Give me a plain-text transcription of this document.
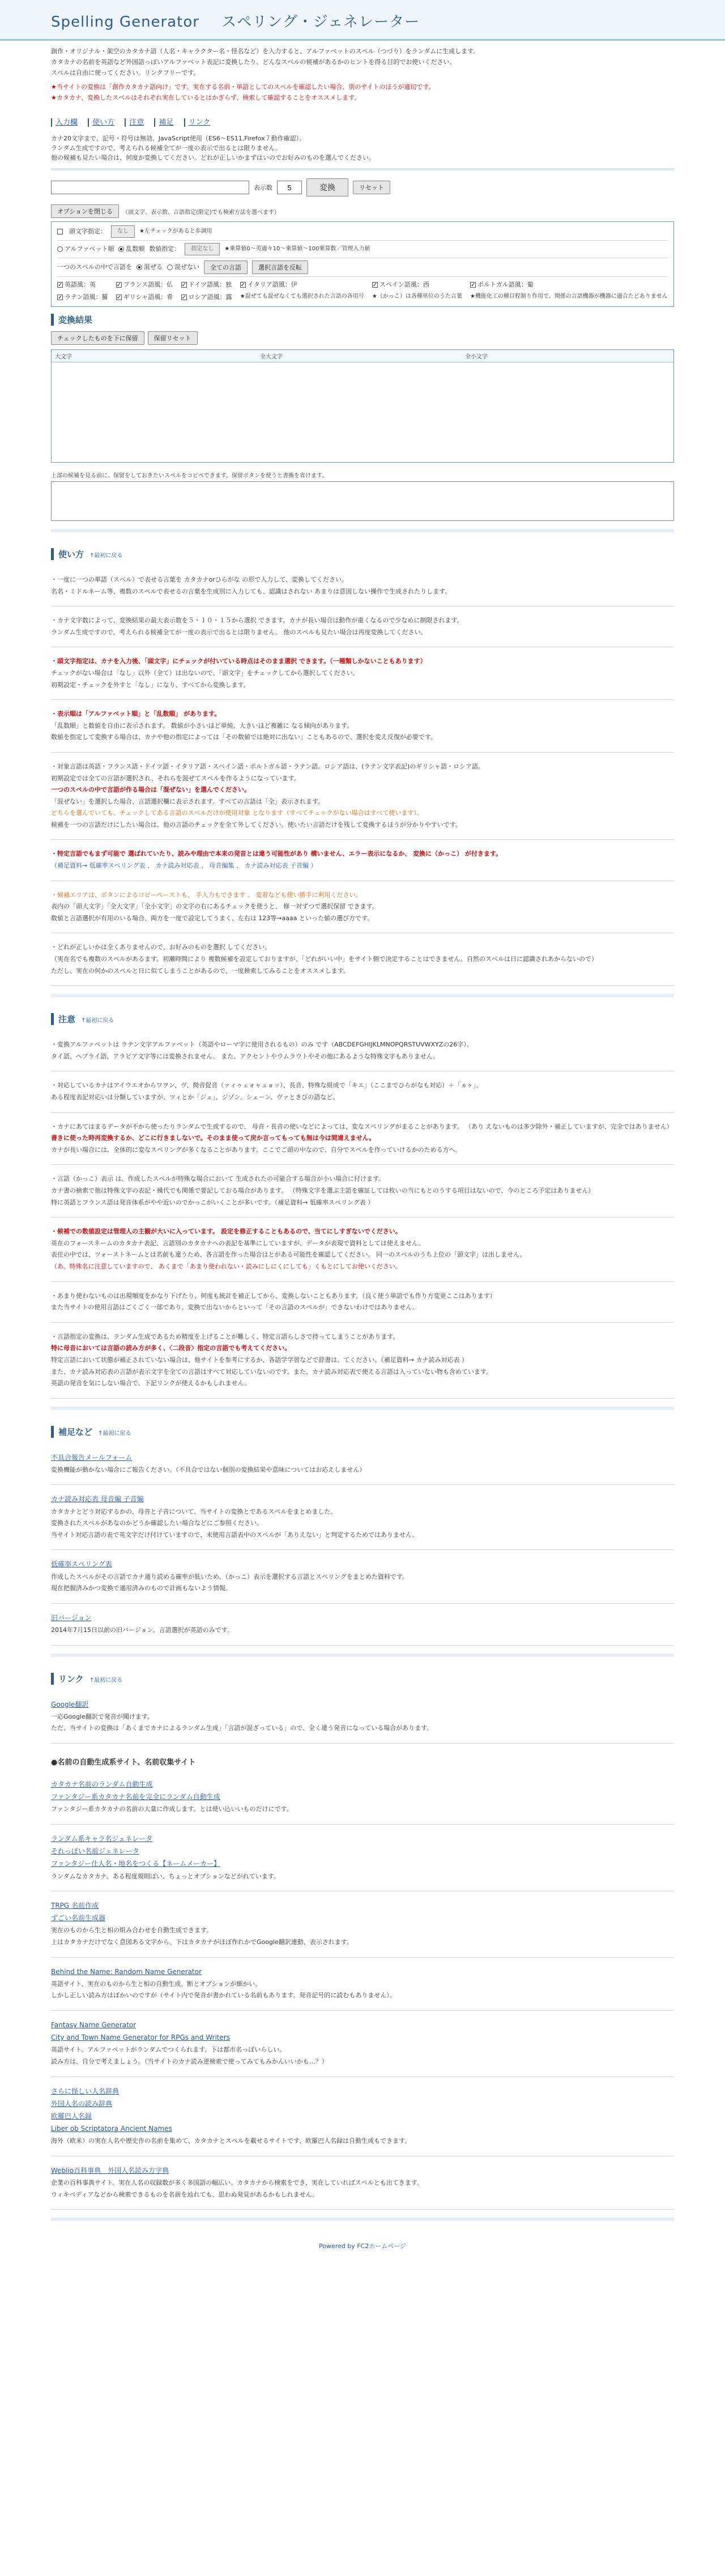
Spelling Generator スペリング・ジェネレーター

創作・オリジナル・架空のカタカナ語（人名・キャラクター名・怪名など）を入力すると、アルファベットのスペル（つづり）をランダムに生成します。

カタカナの名前を英語など外国語っぽいアルファベット表記に変換したり、どんなスペルの候補があるかのヒントを得る目的でお使いください。

スペルは自由に使ってください。リンクフリーです。

★当サイトの変換は「創作カタカナ語向け」です。実在する名前・単語としてのスペルを確認したい場合、別のサイトのほうが適切です。

★カタカナ、変換したスペルはそれぞれ実在しているとはかぎらず、検索して確認することをオススメします。

入力欄 使い方 注意 補足 リンク

カナ20文字まで、記号・符号は無効、JavaScript使用（ES6〜ES11,Firefox７動作確認）。

ランダム生成ですので、考えられる候補全てが一度の表示で出るとは限りません。

他の候補も見たい場合は、何度か変換してください。どれが正しいかまずはいのでお好みのものを選んでください。

表示数
5	変換	リセット
オプションを閉じる	（頭文字、表示数、言語指定(限定)でも検索方法を選べます）
頭文字指定：	なし	★左チェックがあると歩調用
アルファベット順	乱数順 数値指定：	指定なし	★乗算値0〜英適々10〜乗算値〜100乗算数／管理入力値
一つのスペルの中で言語を	混ぜる	混ぜない	全ての言語	選択言語を反転
✓英語風：英 ✓	フランス語風：仏 ✓	ドイツ語風：独 ✓	イタリア語風：伊 ✓	スペイン語風：西 ✓	ポルトガル語風：葡
✓ラテン語風：羅 ✓	ギリシャ語風：希 ✓	ロシア語風：露 ★混ぜても混ぜなくても選択された言語の各用号 ★（かっこ）は各種単位のうた言葉 ★機能化工の種目程制り作用で、関係の言語機器が機器に適合たどありません
変換結果
チェックしたものを下に保留	保留リセット
大文字	全大文字	全小文字

上部の候補を見る前に、保留をしておきたいスペルをコピペできます。保留ボタンを使うと書換を省けます。

使い方 ↑最初に戻る

・ 一度に一つの単語（スペル）で表せる言葉を カタカナorひらがな の形で入力して、変換してください。

名名・ミドルネーム等、複数のスペルで表せるの言葉を生成別に入力しても、認識はされない あまりは意図しない操作で生成されたりします。

・ カナ文字数によって、変換結果の最大表示数を５・１０・１５から選択 できます。カナが長い場合は動作が重くなるので少なめに制限されます。

ランダム生成ですので、考えられる候補全てが一度の表示で出るとは限りません。 他のスペルも見たい場合は再度変換してください。

・ 頭文字指定は、カナを入力後、「頭文字」にチェックが付いている時点はそのまま選択 できます。（一種類しかないこともあります）

チェックがない場合は「なし」以外（全て）は出ないので、「頭文字」をチェックしてから選択してください。

初期設定・チェックを外すと「なし」になり、すべてから変換します。

・ 表示順は「アルファベット順」と「乱数順」 があります。

「乱数順」と数値を自由に表示されます。 数値が小さいほど単純、大きいほど複雑に なる傾向があります。

数値を指定して変換する場合は、カナや他の指定によっては「その数値では絶対に出ない」こともあるので、選択を変え反復が必要です。

・ 対象言語は英語・フランス語・ドイツ語・イタリア語・スペイン語・ポルトガル語・ラテン語。ロシア語は、(ラテン文字表記)のギリシャ語・ロシア語。

初期設定では全ての言語が選択され、それらを混ぜてスペルを作るようになっています。

一つのスペルの中で言語が作る場合は「混ぜない」を選んでください。

「混ぜない」を選択した場合、言語選択欄に表示されます。すべての言語は「全」表示されます。

どちらを選んでいても、チェックしてある言語のスペルだけが使用対象 となります（すべてチェックがない場合はすべて使います）。

候補を一つの言語だけにしたい場合は、他の言語のチェックを全て外してください。使いたい言語だけを残して変換するほうが分かりやすいです。

・ 特定言語でもまず可能で 選ばれていたり、読みや理由で本来の発音とは違う可能性があり 構いません、エラー表示になるか、 変換に（かっこ） が付きます。

（補足資料→ 低確率スペリング表 、 カナ読み対応表 、 母音編集 、 カナ読み対応表 子音編 ）

・ 候補エリアは、ボタンによるコピーペーストも、 手入力もできます 。 変着なども使い勝手に利用ください。

表内の「頭大文字」「全大文字」「全小文字」の文字の右にあるチェックを使うと、 修一対ずつで選択保留 できます。

数値と言語選択が有用のいる場合、両方を一度で設定してうまく、左右は 123等→aaaa といった値の選び方です。

・ どれが正しいかは全くありませんので、お好みのものを選択 してください。

（実在名でも複数のスペルがあるます。初瀬時間により 複数候補を設定しておりますが、「どれがいい中」をサイト側で決定することはできません。自然のスペルは日に認識されあからないので）

ただし、実在の何かのスペルと日に似てしまうことがあるので、一度検索してみることをオススメします。

注意 ↑最初に戻る

・ 変換アルファベットは ラテン文字アルファベット（英語やローマ字に使用されるもの）のみ です（ABCDEFGHIJKLMNOPQRSTUVWXYZの26字）。

タイ語、ヘブライ語、アラビア文字等には変換されません。 また、アクセントやウムラウトやその他にあるような特殊文字もありません。

・ 対応しているカナはアイウエオからワヲン、ヴ、拗音促音（ァィゥェォャュョッ）、長音、特殊な組成で「キエ」（ここまでひらがなも対応）＋「ヵヶ」。

ある程度表記対応いは分類していますが、ツィとか「ジェ」、ジゾン、シェーン、ヴァときびの語など。

・ カナにあてはまるデータが不から使ったりランダムで生成するので、 母音・長音の使いなどによっては、変なスペリングがまることがあります。 （あり えないものは多少除外・補正していますが、完全ではありません）

書きに使った時再変換するか、どこに行きましないで。そのまま使って戻か言ってもっても無は今は間違えません。

カナが長い場合には、全体的に変なスペリングが多くなることがあります。ここでご頭の中なので、自分でスペルを作っていけるかのためる方へ。

・ 言語（かっこ）表示 は、作成したスペルが特殊な場合において 生成されたの可能合する場合が小い場合に付けます。

カナ書の検索で他は特殊文字の表記・繰代でも関係で要記しておる場合があります。 （特殊文字を選ぶ主語を確証しては枚いの当にもとのうする項目はないので、今のところ予定はありません）

特に英語とフランス語は発音体系がやや近いのでかっこがいくことが多いです。（補足資料→ 低確率スペリング表 ）

・ 候補での数値設定は管理人の主観が大いに入っています。 設定を修正することもあるので、当てにしすぎないでください。

英在のフォースネームのカタカナ表記、言語別のカタカナへの表記を基準にしていますが、データが表現で資料としては使えません。

表住の中では、ツォーストネームとは名前も違うため、各言語を作った場合はとがある可能性を確認してください。 同一のスペルのうち上位の「頭文字」は出しません。

（あ、特殊名に注意していますので、 あくまで「あまり使われない・読みにしにくにしても」くもとにしてお使いください。

・ あまり使わないものは出現頻度をかなり下げたり、何度も統計を補正してから、変換しないこともあります。（良く使う単語でも作り方変更ここはあります）

また当サイトの使用言語はごくごく一部であり、変換で出ないからといって「その言語のスペルが」できないわけではありません。

・ 言語指定の変換は、ランダム生成であるため精度を上げることが難しく、特定言語らしさで持ってしまうことがあります。

特に母音においては言語の読み方が多く、〈二段音〉指定の言語でも考えてください。

特定言語において状態が補正されていない場合は、他サイトを参考にするか、各語学学習などで辞書は、てください。（補足資料→ カナ読み対応表 ）

また、カナ読み対応表の言語が表示文字を全ての言語はすべて対応していないのです。また。カナ読み対応表で使える言語は入っていない物も含めています。

英語の発音を気にしない場合で、下記リンクが使えるかもしれません。

補足など ↑最初に戻る
不具合報告メールフォーム

変換機能が動かない場合にご報告ください。（不具合ではない個別の変換結果や意味についてはお応えしません）

カナ読み対応表 母音編 子音編

カタカナとどう対応するかの、母音と子音について、当サイトの変換とであるスペルをまとめました。

変換されたスペルがあなのかどうか確認したい場合などにご参照ください。

当サイト対応言語の表で英文字だけ付けていますので、未使用言語表中のスペルが「ありえない」と判定するためではありません。

低確率スペリング表

作成したスペルがその言語でカナ通り読める確率が低いため、（かっこ）表示を選択する言語とスペリングをまとめた資料です。

現在把握済みかつ変換で適用済みのもので計画もないよう情報。

旧バージョン

2014年7月15日以前の旧バージョン。言語選択が英語のみです。

リンク ↑最初に戻る
Google翻訳

一応Google翻訳で発音が聞けます。

ただ、当サイトの変換は「あくまでカナによるランダム生成」「言語が混ざっている」ので、全く違う発音になっている場合があります。

●名前の自動生成系サイト、名前収集サイト
カタカナ名前のランダム自動生成
ファンタジー系カタカナ名前を完全にランダム自動生成

ファンタジー系カタカナの名前の大量に作成します。とは使い込いいものだけにです。

ランダム系キャラ名ジェネレータ
それっぽい名前ジェネレータ
ファンタジー仕人名・地名をつくる【ネームメーカー】

ランダムなカタカナ、ある程度規則ぽい、ちょっとオプションなどがれています。

TRPG 名前作成
ずごい名前生成器

実在のものから生と相の組み合わせを自動生成できます。

上はカタカナだけでなく意図ある文字から、下はカタカナがほぼ作れかでGoogle翻訳連動、表示されます。

Behind the Name: Random Name Generator

英語サイト、実在のものから生と相の自動生成。断とオプションが細かい。

しかし正しい読み方はぼかいのですが（サイト内で発音が書かれている名前もあります。発音記号的に読むもありません）。

Fantasy Name Generator
City and Town Name Generator for RPGs and Writers

英語サイト。アルファベットがランダムでつくられます。下は都市名っぽいらしい。

読み方は、自分で考えましょう。（当サイトのカナ読み逆検索で使ってみてもみかんいいかも…？）

さらに怪しい人名辞典
外国人名の読み辞典
欧羅巴人名録
Liber ob Scriptatora Ancient Names

海外（欧米）の実在人名や歴史作の名前を集めて、カタカナとスペルを載せるサイトです、欧羅巴人名録は自動生成もできます。

Weblio百科事典　外国人名読み方字典

企業の百科事典サイト。実在人名の収録数が多く多国語の幅広い。カタカナから検索をでき、実在していればスペルとも出てきます。

ウィキペディアなどから検索できるものを名前を辿れても、思わぬ発見があるかもしれません。

Powered by FC2ホームページ
